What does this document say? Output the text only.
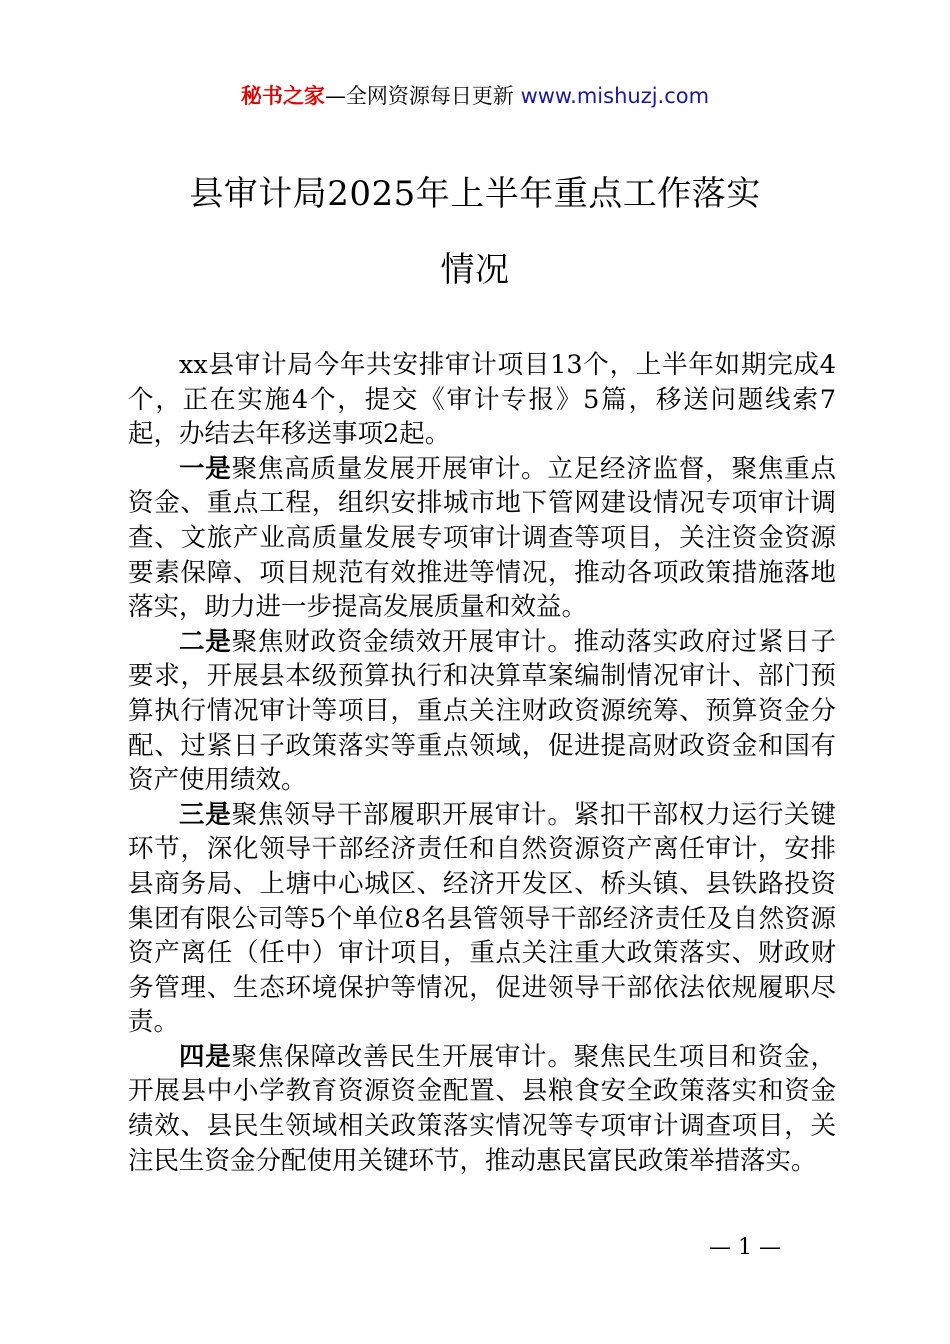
秘书之家—全网资源每日更新 www.mishuzj.com
县审计局2025年上半年重点工作落实
情况

xx县审计局今年共安排审计项目13个，上半年如期完成4个，正在实施4个，提交《审计专报》5篇，移送问题线索7起，办结去年移送事项2起。

一是聚焦高质量发展开展审计。立足经济监督，聚焦重点资金、重点工程，组织安排城市地下管网建设情况专项审计调查、文旅产业高质量发展专项审计调查等项目，关注资金资源要素保障、项目规范有效推进等情况，推动各项政策措施落地落实，助力进一步提高发展质量和效益。

二是聚焦财政资金绩效开展审计。推动落实政府过紧日子要求，开展县本级预算执行和决算草案编制情况审计、部门预算执行情况审计等项目，重点关注财政资源统筹、预算资金分配、过紧日子政策落实等重点领域，促进提高财政资金和国有资产使用绩效。

三是聚焦领导干部履职开展审计。紧扣干部权力运行关键环节，深化领导干部经济责任和自然资源资产离任审计，安排县商务局、上塘中心城区、经济开发区、桥头镇、县铁路投资集团有限公司等5个单位8名县管领导干部经济责任及自然资源资产离任（任中）审计项目，重点关注重大政策落实、财政财务管理、生态环境保护等情况，促进领导干部依法依规履职尽责。

四是聚焦保障改善民生开展审计。聚焦民生项目和资金，开展县中小学教育资源资金配置、县粮食安全政策落实和资金绩效、县民生领域相关政策落实情况等专项审计调查项目，关注民生资金分配使用关键环节，推动惠民富民政策举措落实。

— 1 —
